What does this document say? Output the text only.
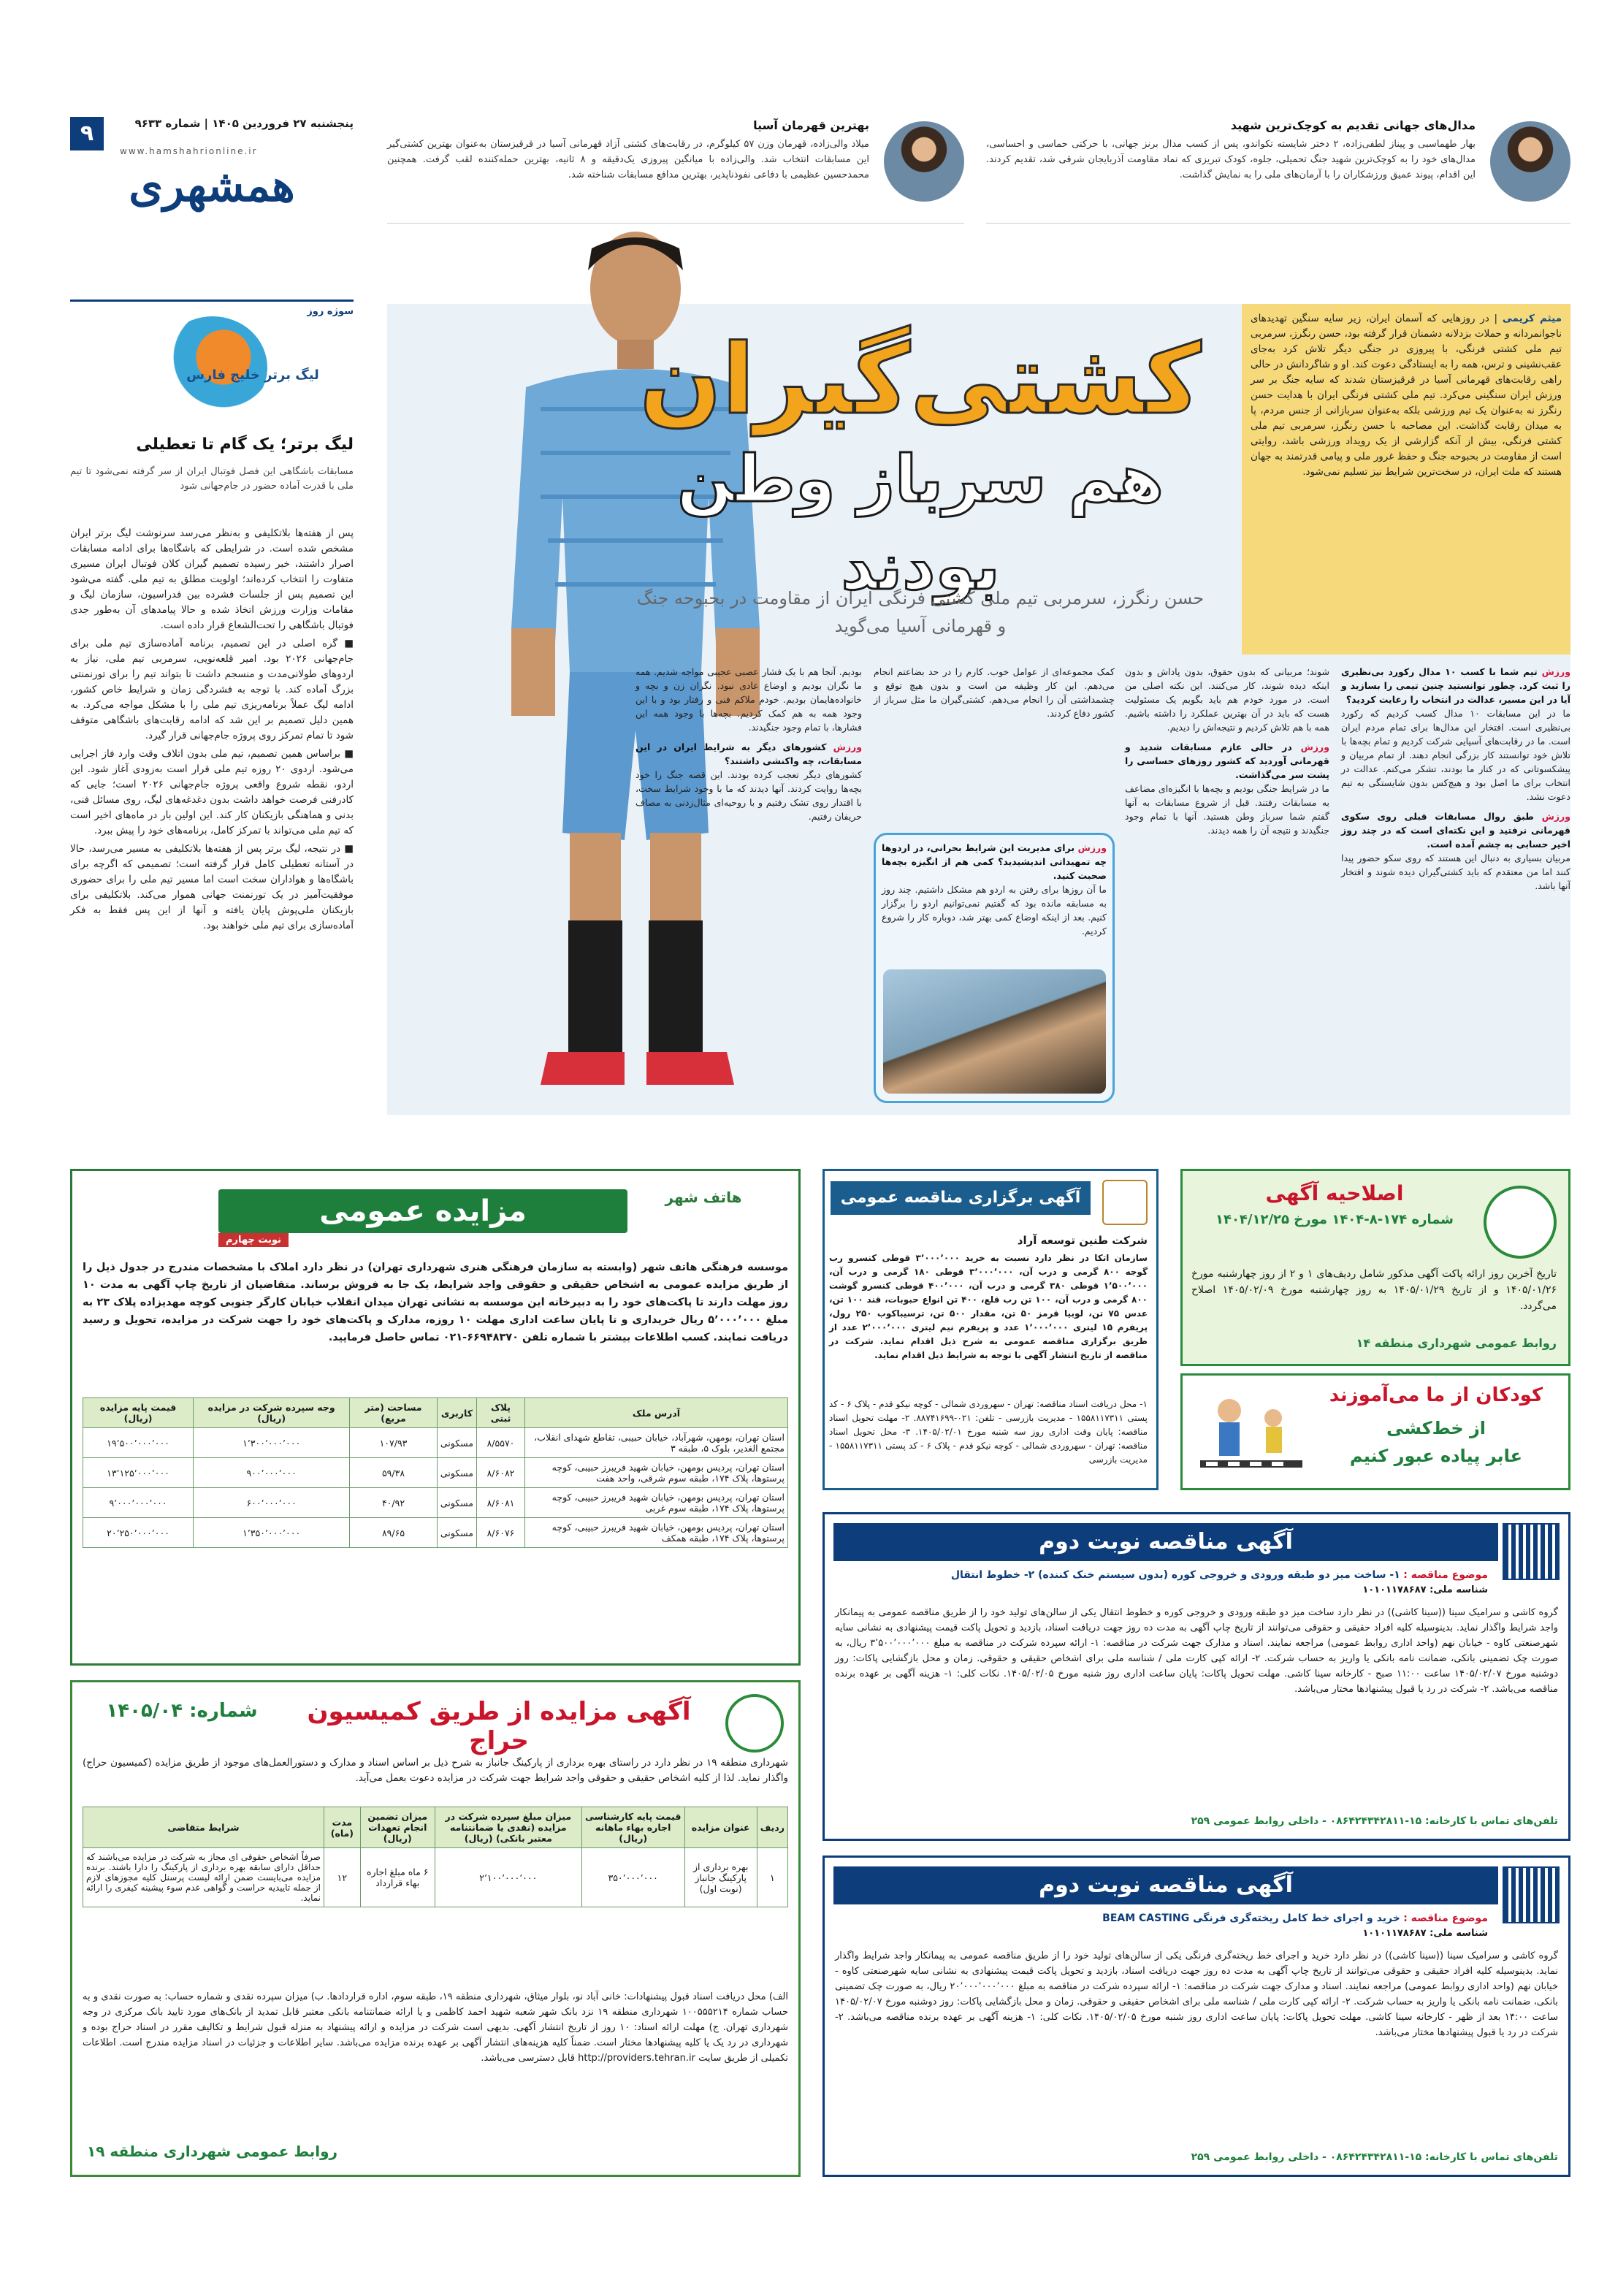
پنجشنبه ۲۷ فروردین ۱۴۰۵ | شماره ۹۶۳۳
۹
www.hamshahrionline.ir
همشهری
مدال‌های جهانی تقدیم به کوچک‌ترین شهید
بهار طهماسبی و پیناز لطفی‌زاده، ۲ دختر شایسته تکواندو، پس از کسب مدال برنز جهانی، با حرکتی حماسی و احساسی، مدال‌های خود را به کوچک‌ترین شهید جنگ تحمیلی، جلوه، کودک تبریزی که نماد مقاومت آذربایجان شرقی شد، تقدیم کردند. این اقدام، پیوند عمیق ورزشکاران را با آرمان‌های ملی را به نمایش گذاشت.
بهترین قهرمان آسیا
میلاد والی‌زاده، قهرمان وزن ۵۷ کیلوگرم، در رقابت‌های کشتی آزاد قهرمانی آسیا در قرقیزستان به‌عنوان بهترین کشتی‌گیر این مسابقات انتخاب شد. والی‌زاده با میانگین پیروزی یک‌دقیقه و ۸ ثانیه، بهترین حمله‌کننده لقب گرفت. همچنین محمدحسین عظیمی با دفاعی نفوذناپذیر، بهترین مدافع مسابقات شناخته شد.
سوژه روز
لیگ برتر خلیج فارس
لیگ برتر؛ یک گام تا تعطیلی
مسابقات باشگاهی این فصل فوتبال ایران از سر گرفته نمی‌شود تا تیم ملی با قدرت آماده حضور در جام‌جهانی شود

پس از هفته‌ها بلاتکلیفی و به‌نظر می‌رسد سرنوشت لیگ برتر ایران مشخص شده است. در شرایطی که باشگاه‌ها برای ادامه مسابقات اصرار داشتند، خبر رسیده تصمیم گیران کلان فوتبال ایران مسیری متفاوت را انتخاب کرده‌اند؛ اولویت مطلق به تیم ملی. گفته می‌شود این تصمیم پس از جلسات فشرده بین فدراسیون، سازمان لیگ و مقامات وزارت ورزش اتخاذ شده و حالا پیامدهای آن به‌طور جدی فوتبال باشگاهی را تحت‌الشعاع قرار داده است.

■ گره اصلی در این تصمیم، برنامه آماده‌سازی تیم ملی برای جام‌جهانی ۲۰۲۶ بود. امیر قلعه‌نویی، سرمربی تیم ملی، نیاز به اردوهای طولانی‌مدت و منسجم داشت تا بتواند تیم را برای تورنمنتی بزرگ آماده کند. با توجه به فشردگی زمان و شرایط خاص کشور، ادامه لیگ عملاً برنامه‌ریزی تیم ملی را با مشکل مواجه می‌کرد. به همین دلیل تصمیم بر این شد که ادامه رقابت‌های باشگاهی متوقف شود تا تمام تمرکز روی پروژه جام‌جهانی قرار گیرد.

■ براساس همین تصمیم، تیم ملی بدون اتلاف وقت وارد فاز اجرایی می‌شود. اردوی ۲۰ روزه تیم ملی قرار است به‌زودی آغاز شود. این اردو، نقطه شروع واقعی پروژه جام‌جهانی ۲۰۲۶ است؛ جایی که کادرفنی فرصت خواهد داشت بدون دغدغه‌های لیگ، روی مسائل فنی، بدنی و هماهنگی بازیکنان کار کند. این اولین بار در ماه‌های اخیر است که تیم ملی می‌تواند با تمرکز کامل، برنامه‌های خود را پیش ببرد.

■ در نتیجه، لیگ برتر پس از هفته‌ها بلاتکلیفی به مسیر می‌رسد، حالا در آستانه تعطیلی کامل قرار گرفته است؛ تصمیمی که اگرچه برای باشگاه‌ها و هواداران سخت است اما مسیر تیم ملی را برای حضوری موفقیت‌آمیز در یک تورنمنت جهانی هموار می‌کند. بلاتکلیفی برای بازیکنان ملی‌پوش پایان یافته و آنها از این پس فقط به فکر آماده‌سازی برای تیم ملی خواهند بود.

کشتی‌گیران
هم سرباز وطن بودند
حسن رنگرز، سرمربی تیم ملی کشتی فرنگی ایران از مقاومت در بحبوحه جنگ و قهرمانی آسیا می‌گوید
میثم کریمی | در روزهایی که آسمان ایران، زیر سایه سنگین تهدیدهای ناجوانمردانه و حملات بزدلانه دشمنان قرار گرفته بود، حسن رنگرز، سرمربی تیم ملی کشتی فرنگی، با پیروزی در جنگی دیگر تلاش کرد به‌جای عقب‌نشینی و ترس، همه را به ایستادگی دعوت کند. او و شاگردانش در حالی راهی رقابت‌های قهرمانی آسیا در قرقیزستان شدند که سایه جنگ بر سر ورزش ایران سنگینی می‌کرد. تیم ملی کشتی فرنگی ایران با هدایت حسن رنگرز نه به‌عنوان یک تیم ورزشی بلکه به‌عنوان سربازانی از جنس مردم، پا به میدان رقابت گذاشت. این مصاحبه با حسن رنگرز، سرمربی تیم ملی کشتی فرنگی، بیش از آنکه گزارشی از یک رویداد ورزشی باشد، روایتی است از مقاومت در بحبوحه جنگ و حفظ غرور ملی و پیامی قدرتمند به جهان هستند که ملت ایران، در سخت‌ترین شرایط نیز تسلیم نمی‌شود.

ورزش تیم شما با کسب ۱۰ مدال رکورد بی‌نظیری را ثبت کرد. چطور توانستید چنین تیمی را بسازید و آیا در این مسیر، عدالت در انتخاب را رعایت کردید؟

ما در این مسابقات ۱۰ مدال کسب کردیم که رکورد بی‌نظیری است. افتخار این مدال‌ها برای تمام مردم ایران است. ما در رقابت‌های آسیایی شرکت کردیم و تمام بچه‌ها با تلاش خود توانستند کار بزرگی انجام دهند. از تمام مربیان و پیشکسوتانی که در کنار ما بودند، تشکر می‌کنم. عدالت در انتخاب برای ما اصل بود و هیچ‌کس بدون شایستگی به تیم دعوت نشد.

ورزش طبق روال مسابقات قبلی روی سکوی قهرمانی نرفتید و این نکته‌ای است که در چند روز اخیر حسابی به چشم آمده است.

مربیان بسیاری به دنبال این هستند که روی سکو حضور پیدا کنند اما من معتقدم که باید کشتی‌گیران دیده شوند و افتخار آنها باشد.

شوند؛ مربیانی که بدون حقوق، بدون پاداش و بدون اینکه دیده شوند، کار می‌کنند. این نکته اصلی من است. در مورد خودم هم باید بگویم یک مسئولیت هست که باید در آن بهترین عملکرد را داشته باشیم. همه با هم تلاش کردیم و نتیجه‌اش را دیدیم.

ورزش در حالی عازم مسابقات شدید و قهرمانی آوردید که کشور روزهای حساسی را پشت سر می‌گذاشت.

ما در شرایط جنگی بودیم و بچه‌ها با انگیزه‌ای مضاعف به مسابقات رفتند. قبل از شروع مسابقات به آنها گفتم شما سرباز وطن هستید. آنها با تمام وجود جنگیدند و نتیجه آن را همه دیدند.

کمک مجموعه‌ای از عوامل خوب. کارم را در حد بضاعتم انجام می‌دهم. این کار وظیفه من است و بدون هیچ توقع و چشمداشتی آن را انجام می‌دهم. کشتی‌گیران ما مثل سرباز از کشور دفاع کردند.

بودیم. آنجا هم با یک فشار عصبی عجیبی مواجه شدیم. همه ما نگران بودیم و اوضاع عادی نبود. نگران زن و بچه و خانواده‌هایمان بودیم. خودم ملاکم فنی و رفتار بود و با این وجود همه به هم کمک کردیم. بچه‌ها با وجود همه این فشارها، با تمام وجود جنگیدند.

ورزش کشورهای دیگر به شرایط ایران در این مسابقات، چه واکنشی داشتند؟

کشورهای دیگر تعجب کرده بودند. این قصه جنگ را خود بچه‌ها روایت کردند. آنها دیدند که ما با وجود شرایط سخت، با اقتدار روی تشک رفتیم و با روحیه‌ای مثال‌زدنی به مصاف حریفان رفتیم.

ورزش برای مدیریت این شرایط بحرانی، در اردوها چه تمهیداتی اندیشیدید؟ کمی هم از انگیزه بچه‌ها صحبت کنید.

ما آن روزها برای رفتن به اردو هم مشکل داشتیم. چند روز به مسابقه مانده بود که گفتیم نمی‌توانیم اردو را برگزار کنیم. بعد از اینکه اوضاع کمی بهتر شد، دوباره کار را شروع کردیم.

هاتف شهر
مزایده عمومی
نوبت چهارم
موسسه فرهنگی هاتف شهر (وابسته به سازمان فرهنگی هنری شهرداری تهران) در نظر دارد املاک با مشخصات مندرج در جدول ذیل را از طریق مزایده عمومی به اشخاص حقیقی و حقوقی واجد شرایط، یک جا به فروش برساند. متقاضیان از تاریخ چاپ آگهی به مدت ۱۰ روز مهلت دارند تا پاکت‌های خود را به دبیرخانه این موسسه به نشانی تهران میدان انقلاب خیابان کارگر جنوبی کوچه مهدیزاده پلاک ۲۳ به مبلغ ۵٬۰۰۰٬۰۰۰ ریال خریداری و تا پایان ساعت اداری مهلت ۱۰ روزه، مدارک و پاکت‌های خود را جهت شرکت در مزایده، تحویل و رسید دریافت نمایند. کسب اطلاعات بیشتر با شماره تلفن ۶۶۹۴۸۳۷۰-۰۲۱ تماس حاصل فرمایید.
آدرس ملک	پلاک ثبتی	کاربری	مساحت (متر مربع)	وجه سپرده شرکت در مزایده (ریال)	قیمت پایه مزایده (ریال)
استان تهران، بومهن، شهرآباد، خیابان حبیبی، تقاطع شهدای انقلاب، مجتمع الغدیر، بلوک ۵، طبقه ۳	۸/۵۵۷۰	مسکونی	۱۰۷/۹۳	۱٬۳۰۰٬۰۰۰٬۰۰۰	۱۹٬۵۰۰٬۰۰۰٬۰۰۰
استان تهران، پردیس بومهن، خیابان شهید فریبرز حبیبی، کوچه پرستوها، پلاک ۱۷۴، طبقه سوم شرقی، واحد هفت	۸/۶۰۸۲	مسکونی	۵۹/۳۸	۹۰۰٬۰۰۰٬۰۰۰	۱۳٬۱۲۵٬۰۰۰٬۰۰۰
استان تهران، پردیس بومهن، خیابان شهید فریبرز حبیبی، کوچه پرستوها، پلاک ۱۷۴، طبقه سوم غربی	۸/۶۰۸۱	مسکونی	۴۰/۹۲	۶۰۰٬۰۰۰٬۰۰۰	۹٬۰۰۰٬۰۰۰٬۰۰۰
استان تهران، پردیس بومهن، خیابان شهید فریبرز حبیبی، کوچه پرستوها، پلاک ۱۷۴، طبقه همکف	۸/۶۰۷۶	مسکونی	۸۹/۶۵	۱٬۳۵۰٬۰۰۰٬۰۰۰	۲۰٬۲۵۰٬۰۰۰٬۰۰۰
آگهی مزایده از طریق کمیسیون حراج
شماره: ۱۴۰۵/۰۴
شهرداری منطقه ۱۹ در نظر دارد در راستای بهره برداری از پارکینگ جانباز به شرح ذیل بر اساس اسناد و مدارک و دستورالعمل‌های موجود از طریق مزایده (کمیسیون حراج) واگذار نماید. لذا از کلیه اشخاص حقیقی و حقوقی واجد شرایط جهت شرکت در مزایده دعوت بعمل می‌آید.
ردیف	عنوان مزایده	قیمت پایه کارشناسی اجاره بهاء ماهانه (ریال)	میزان مبلغ سپرده شرکت در مزایده (نقدی یا ضمانتنامه معتبر بانکی) (ریال)	میزان تضمین انجام تعهدات (ریال)	مدت (ماه)	شرایط متقاضی
۱	بهره برداری از پارکینگ جانباز (نوبت اول)	۳۵۰٬۰۰۰٬۰۰۰	۲٬۱۰۰٬۰۰۰٬۰۰۰	۶ ماه مبلغ اجاره بهاء قرارداد	۱۲	صرفاً اشخاص حقوقی ای مجاز به شرکت در مزایده می‌باشند که حداقل دارای سابقه بهره برداری از پارکینگ را دارا باشند. برنده مزایده می‌بایست ضمن ارائه لیست پرسنل کلیه مجوزهای لازم از جمله تاییدیه حراست و گواهی عدم سوء پیشینه کیفری را ارائه نماید.
الف) محل دریافت اسناد قبول پیشنهادات: خانی آباد نو، بلوار میثاق، شهرداری منطقه ۱۹، طبقه سوم، اداره قراردادها. ب) میزان سپرده نقدی و شماره حساب: به صورت نقدی و به حساب شماره ۱۰۰۵۵۵۲۱۴ شهرداری منطقه ۱۹ نزد بانک شهر شعبه شهید احمد کاظمی و یا ارائه ضمانتنامه بانکی معتبر قابل تمدید از بانک‌های مورد تایید بانک مرکزی در وجه شهرداری تهران. ج) مهلت ارائه اسناد: ۱۰ روز از تاریخ انتشار آگهی. بدیهی است شرکت در مزایده و ارائه پیشنهاد به منزله قبول شرایط و تکالیف مقرر در اسناد حراج بوده و شهرداری در رد یک یا کلیه پیشنهادها مختار است. ضمناً کلیه هزینه‌های انتشار آگهی بر عهده برنده مزایده می‌باشد. سایر اطلاعات و جزئیات در اسناد مزایده مندرج است. اطلاعات تکمیلی از طریق سایت http://providers.tehran.ir قابل دسترسی می‌باشد.
روابط عمومی شهرداری منطقه ۱۹
آگهی برگزاری مناقصه عمومی
شرکت طنین توسعه آراد
سازمان اتکا در نظر دارد نسبت به خرید ۳٬۰۰۰٬۰۰۰ قوطی کنسرو رب گوجه ۸۰۰ گرمی و درب آن، ۳٬۰۰۰٬۰۰۰ قوطی ۱۸۰ گرمی و درب آن، ۱٬۵۰۰٬۰۰۰ قوطی ۳۸۰ گرمی و درب آن، ۴۰۰٬۰۰۰ قوطی کنسرو گوشت ۸۰۰ گرمی و درب آن، ۱۰۰ تن رب قلع، ۴۰۰ تن انواع حبوبات، قند ۱۰۰ تن، عدس ۷۵ تن، لوبیا قرمز ۵۰ تن، مقدار ۵۰۰ تن، ترسیباکوب ۲۵۰ رول، پریفرم ۱۵ لیتری ۱٬۰۰۰٬۰۰۰ عدد و پریفرم نیم لیتری ۲٬۰۰۰٬۰۰۰ عدد از طریق برگزاری مناقصه عمومی به شرح ذیل اقدام نماید. شرکت در مناقصه از تاریخ انتشار آگهی با توجه به شرایط ذیل اقدام نماید.
۱- محل دریافت اسناد مناقصه: تهران - سهروردی شمالی - کوچه نیکو قدم - پلاک ۶ - کد پستی ۱۵۵۸۱۱۷۳۱۱ - مدیریت بازرسی - تلفن: ۰۲۱-۸۸۷۴۱۶۹۹. ۲- مهلت تحویل اسناد مناقصه: پایان وقت اداری روز سه شنبه مورخ ۱۴۰۵/۰۲/۰۱. ۳- محل تحویل اسناد مناقصه: تهران - سهروردی شمالی - کوچه نیکو قدم - پلاک ۶ - کد پستی ۱۵۵۸۱۱۷۳۱۱ - مدیریت بازرسی
اصلاحیه آگهی
شماره ۱۷۴-۸-۱۴۰۴ مورخ ۱۴۰۴/۱۲/۲۵
تاریخ آخرین روز ارائه پاکت آگهی مذکور شامل ردیف‌های ۱ و ۲ از روز چهارشنبه مورخ ۱۴۰۵/۰۱/۲۶ و از تاریخ ۱۴۰۵/۰۱/۲۹ به روز چهارشنبه مورخ ۱۴۰۵/۰۲/۰۹ اصلاح می‌گردد.
روابط عمومی شهرداری منطقه ۱۴
کودکان از ما می‌آموزند
از خط‌کشی
عابر پیاده عبور کنیم
آگهی مناقصه نوبت دوم
موضوع مناقصه : ۱- ساخت میز دو طبقه ورودی و خروجی کوره (بدون سیستم خنک کننده) ۲- خطوط انتقال
شناسه ملی: ۱۰۱۰۱۱۷۸۶۸۷
گروه کاشی و سرامیک سینا ((سینا کاشی)) در نظر دارد ساخت میز دو طبقه ورودی و خروجی کوره و خطوط انتقال یکی از سالن‌های تولید خود را از طریق مناقصه عمومی به پیمانکار واجد شرایط واگذار نماید. بدینوسیله کلیه افراد حقیقی و حقوقی می‌توانند از تاریخ چاپ آگهی به مدت ده روز جهت دریافت اسناد، بازدید و تحویل پاکت قیمت پیشنهادی به نشانی سایه شهرصنعتی کاوه - خیابان نهم (واحد اداری روابط عمومی) مراجعه نمایند. اسناد و مدارک جهت شرکت در مناقصه: ۱- ارائه سپرده شرکت در مناقصه به مبلغ ۳٬۵۰۰٬۰۰۰٬۰۰۰ ریال، به صورت چک تضمینی بانکی، ضمانت نامه بانکی یا واریز به حساب شرکت. ۲- ارائه کپی کارت ملی / شناسه ملی برای اشخاص حقیقی و حقوقی. زمان و محل بازگشایی پاکات: روز دوشنبه مورخ ۱۴۰۵/۰۲/۰۷ ساعت ۱۱:۰۰ صبح - کارخانه سینا کاشی. مهلت تحویل پاکات: پایان ساعت اداری روز شنبه مورخ ۱۴۰۵/۰۲/۰۵. نکات کلی: ۱- هزینه آگهی بر عهده برنده مناقصه می‌باشد. ۲- شرکت در رد یا قبول پیشنهادها مختار می‌باشد.
تلفن‌های تماس با کارخانه: ۱۵-۰۸۶۴۲۴۳۴۲۸۱۱ - داخلی روابط عمومی ۲۵۹
آگهی مناقصه نوبت دوم
موضوع مناقصه : خرید و اجرای خط کامل ریخته‌گری فرنگی BEAM CASTING
شناسه ملی: ۱۰۱۰۱۱۷۸۶۸۷
گروه کاشی و سرامیک سینا ((سینا کاشی)) در نظر دارد خرید و اجرای خط ریخته‌گری فرنگی یکی از سالن‌های تولید خود را از طریق مناقصه عمومی به پیمانکار واجد شرایط واگذار نماید. بدینوسیله کلیه افراد حقیقی و حقوقی می‌توانند از تاریخ چاپ آگهی به مدت ده روز جهت دریافت اسناد، بازدید و تحویل پاکت قیمت پیشنهادی به نشانی سایه شهرصنعتی کاوه - خیابان نهم (واحد اداری روابط عمومی) مراجعه نمایند. اسناد و مدارک جهت شرکت در مناقصه: ۱- ارائه سپرده شرکت در مناقصه به مبلغ ۲۰٬۰۰۰٬۰۰۰٬۰۰۰ ریال، به صورت چک تضمینی بانکی، ضمانت نامه بانکی یا واریز به حساب شرکت. ۲- ارائه کپی کارت ملی / شناسه ملی برای اشخاص حقیقی و حقوقی. زمان و محل بازگشایی پاکات: روز دوشنبه مورخ ۱۴۰۵/۰۲/۰۷ ساعت ۱۴:۰۰ بعد از ظهر - کارخانه سینا کاشی. مهلت تحویل پاکات: پایان ساعت اداری روز شنبه مورخ ۱۴۰۵/۰۲/۰۵. نکات کلی: ۱- هزینه آگهی بر عهده برنده مناقصه می‌باشد. ۲- شرکت در رد یا قبول پیشنهادها مختار می‌باشد.
تلفن‌های تماس با کارخانه: ۱۵-۰۸۶۴۲۴۳۴۲۸۱۱ - داخلی روابط عمومی ۲۵۹
